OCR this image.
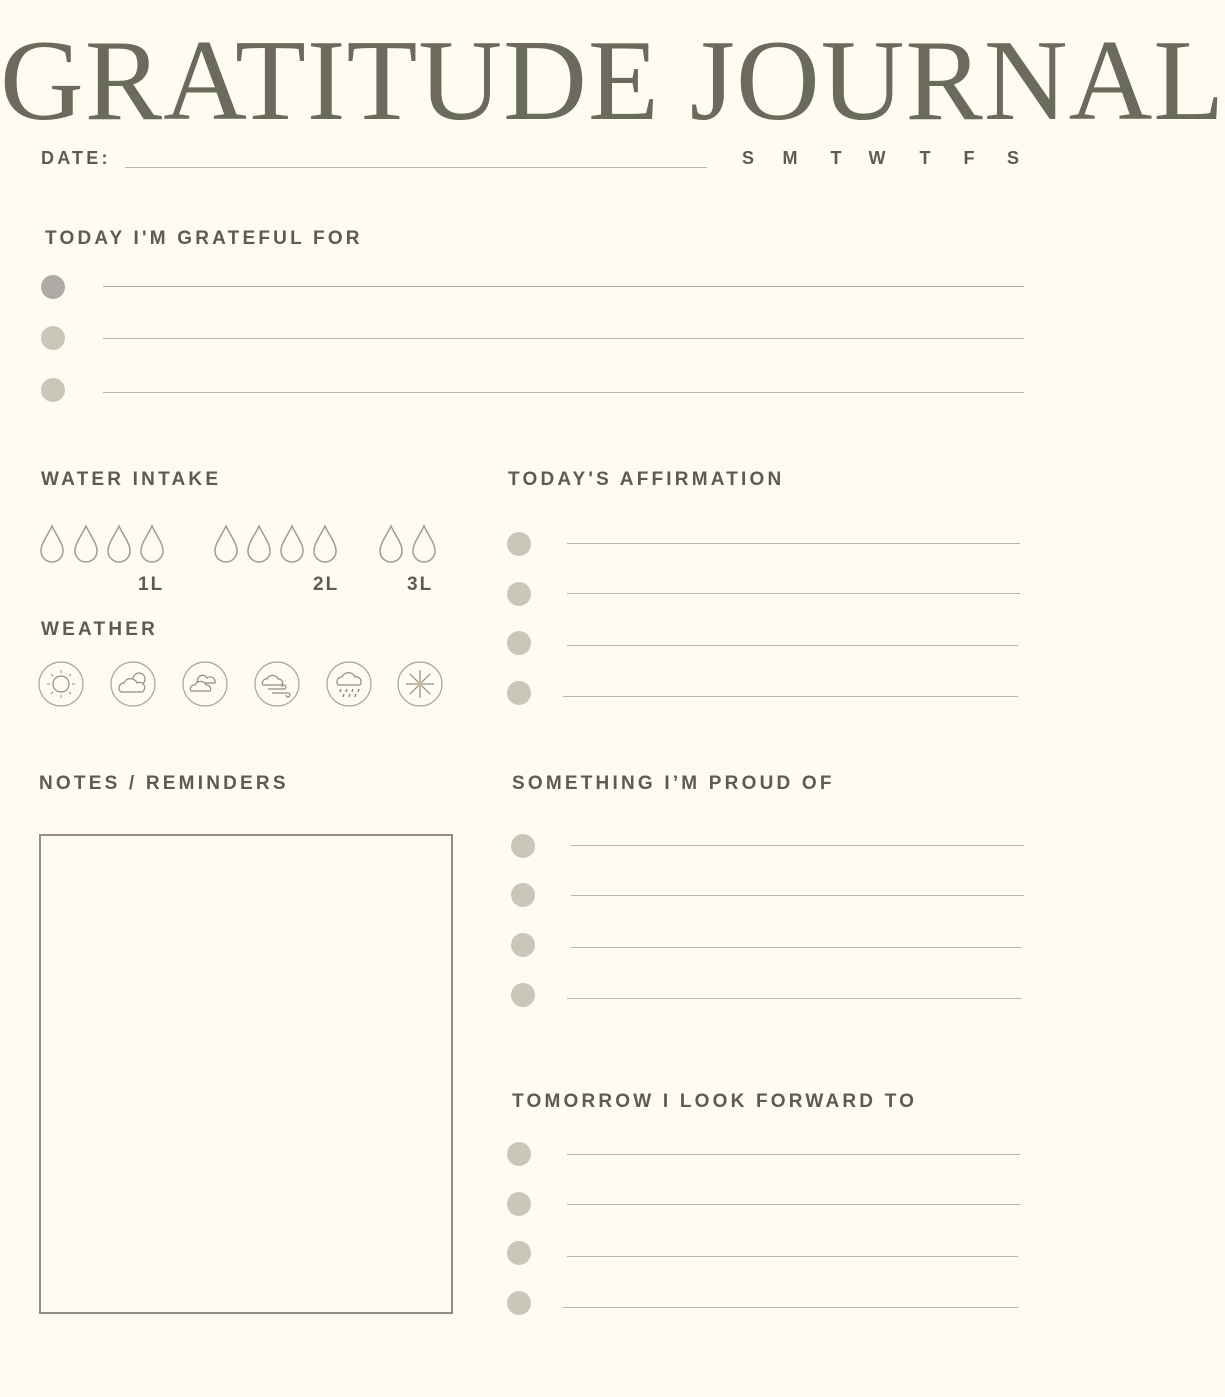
GRATITUDE JOURNAL
DATE:	S M T W T F S
TODAY I'M GRATEFUL FOR
WATER INTAKE
1L	2L	3L
WEATHER
TODAY'S AFFIRMATION
NOTES / REMINDERS	SOMETHING I’M PROUD OF
TOMORROW I LOOK FORWARD TO
